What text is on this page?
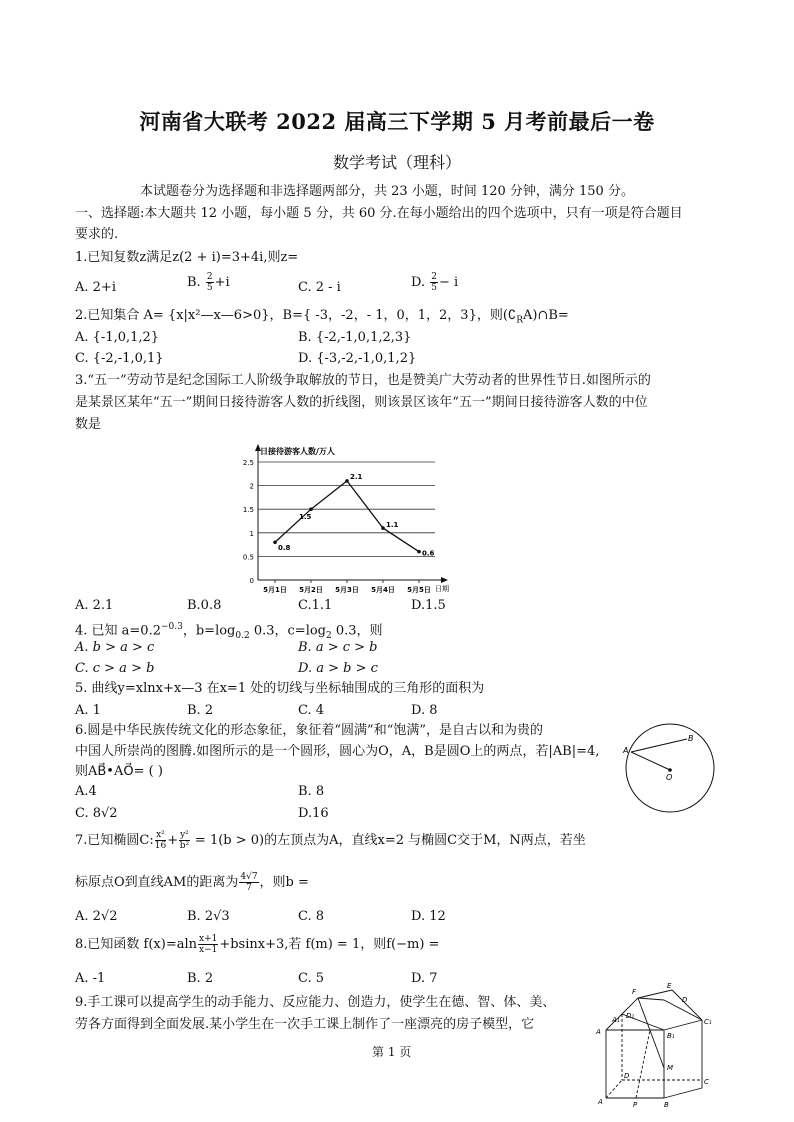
河南省大联考 2022 届高三下学期 5 月考前最后一卷
数学考试（理科）
本试题卷分为选择题和非选择题两部分，共 23 小题，时间 120 分钟，满分 150 分。
一、选择题:本大题共 12 小题，每小题 5 分，共 60 分.在每小题给出的四个选项中，只有一项是符合题目
要求的.
1.已知复数z满足z(2 + i)=3+4i,则z=
A. 2+i	B. $\frac{2}{5} +i$	C. 2 - i	D. $\frac{2}{5} - i$
2.已知集合 A= {x|x²—x—6>0}，B={ -3，-2，- 1，0，1，2，3}，则$(∁_RA)\cap B=$
A. {-1,0,1,2}	B. {-2,-1,0,1,2,3}
C. {-2,-1,0,1}	D. {-3,-2,-1,0,1,2}
3.“五一”劳动节是纪念国际工人阶级争取解放的节日，也是赞美广大劳动者的世界性节日.如图所示的
是某景区某年“五一”期间日接待游客人数的折线图，则该景区该年“五一”期间日接待游客人数的中位
数是
0
0.5
1
1.5
2
2.5
5月1日 5月2日 5月3日 5月4日 5月5日
0.8
1.5
2.1
1.1
0.6
日接待游客人数/万人
日期
A. 2.1	B.0.8	C.1.1	D.1.5
4. 已知 $a=0.2^{-0.3}$，$b=\log_{0.2}$ 0.3，$c=\log_2$ 0.3，则
A. b > a > c	B. a > c > b
C. c > a > b	D. a > b > c
5. 曲线y=xlnx+x—3 在x=1 处的切线与坐标轴围成的三角形的面积为
A. 1	B. 2	C. 4	D. 8
6.圆是中华民族传统文化的形态象征，象征着“圆满”和“饱满”，是自古以和为贵的
中国人所崇尚的图腾.如图所示的是一个圆形，圆心为O，A，B是圆O上的两点，若|AB|=4,
则AB⃗•AO⃗= ( )
A.4	B. 8
C. 8√2	D.16
A
B
O
7.已知椭圆C: $\frac{\text{x²}}{16} + \frac{\text{y²}}{\text{b²}} = 1(b > 0)$的左顶点为A，直线x=2 与椭圆C交于M，N两点，若坐
标原点O到直线AM的距离为 $\frac{4√7}{7}$ ，则b =
A. 2√2	B. 2√3	C. 8	D. 12
8.已知函数 $f(x)=aln \frac{x+1}{x-1} +bsinx+3$,若 f(m) = 1，则f(−m) =
A. -1	B. 2	C. 5	D. 7
9.手工课可以提高学生的动手能力、反应能力、创造力，使学生在德、智、体、美、
劳各方面得到全面发展.某小学生在一次手工课上制作了一座漂亮的房子模型，它
E
F
D
A₁ D₁
C₁
B₁
A
M
D
C
A	P	B
第 1 页
